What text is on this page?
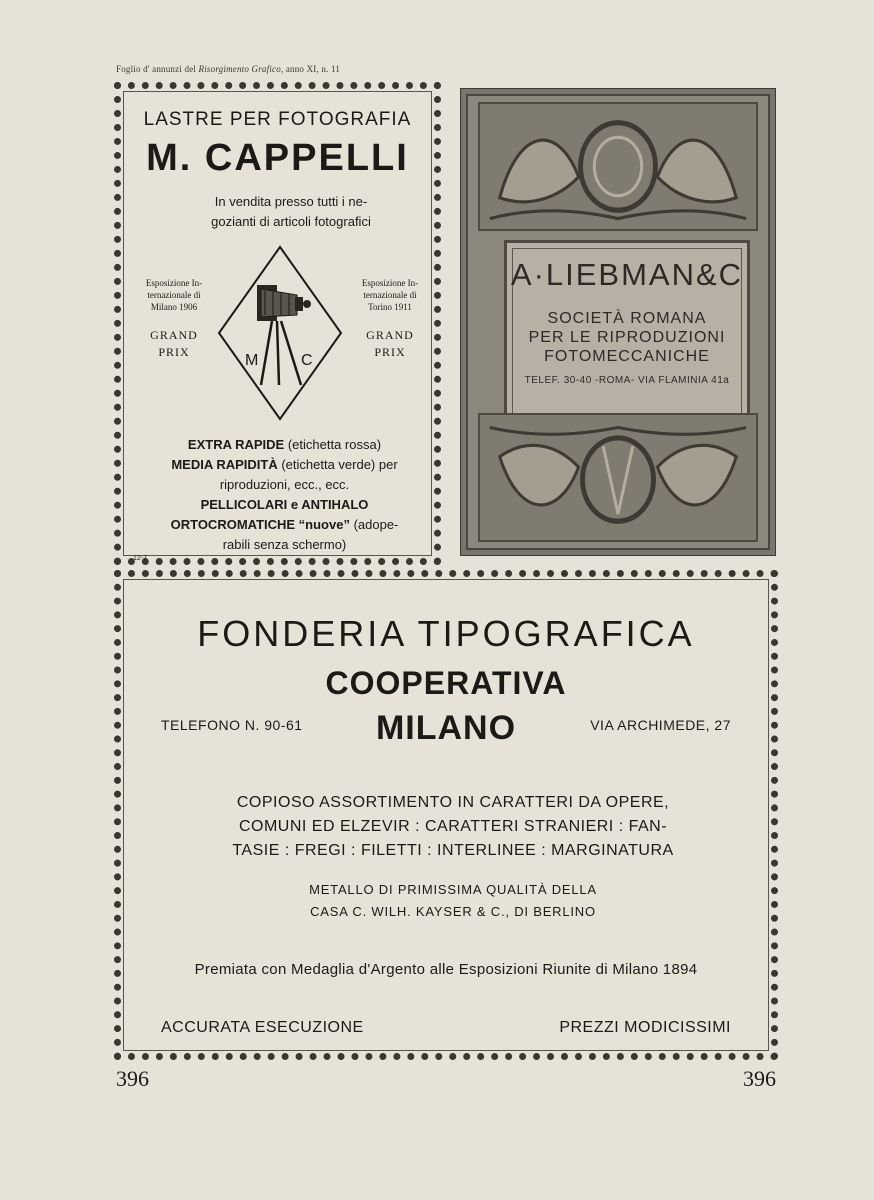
Foglio d' annunzi del Risorgimento Grafico, anno XI, n. 11
LASTRE PER FOTOGRAFIA
M. CAPPELLI
In vendita presso tutti i ne-
gozianti di articoli fotografici
Esposizione In-
ternazionale di
Milano 1906
GRAND
PRIX
Esposizione In-
ternazionale di
Torino 1911
GRAND
PRIX
M	C
EXTRA RAPIDE (etichetta rossa)
MEDIA RAPIDITÀ (etichetta verde) per
riproduzioni, ecc., ecc.
PELLICOLARI e ANTIHALO
ORTOCROMATICHE “nuove” (adope-
rabili senza schermo)
12-7
A·LIEBMAN&C
SOCIETÀ ROMANA
PER LE RIPRODUZIONI
FOTOMECCANICHE
TELEF. 30-40 -ROMA- VIA FLAMINIA 41a
FONDERIA TIPOGRAFICA
COOPERATIVA
MILANO
TELEFONO N. 90-61	VIA ARCHIMEDE, 27
COPIOSO ASSORTIMENTO IN CARATTERI DA OPERE,
COMUNI ED ELZEVIR : CARATTERI STRANIERI : FAN-
TASIE : FREGI : FILETTI : INTERLINEE : MARGINATURA
METALLO DI PRIMISSIMA QUALITÀ DELLA
CASA C. WILH. KAYSER & C., DI BERLINO
Premiata con Medaglia d'Argento alle Esposizioni Riunite di Milano 1894
ACCURATA ESECUZIONE	PREZZI MODICISSIMI
396	396
